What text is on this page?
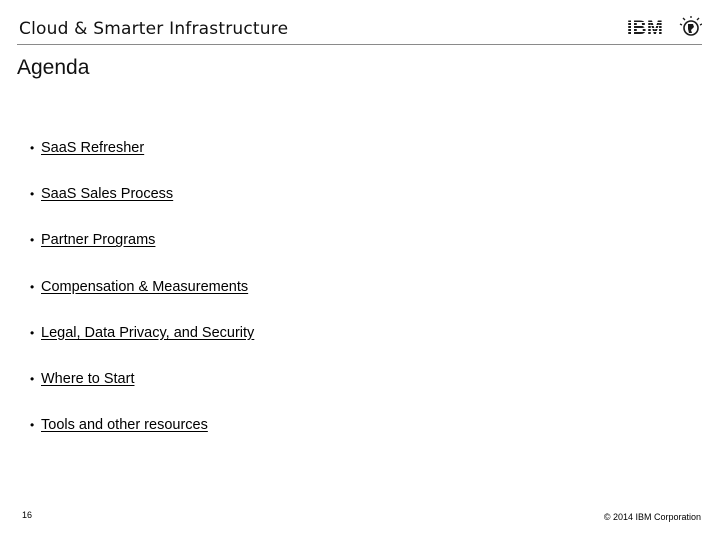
Cloud & Smarter Infrastructure
Agenda
• SaaS Refresher
• SaaS Sales Process
• Partner Programs
• Compensation & Measurements
• Legal, Data Privacy, and Security
• Where to Start
• Tools and other resources
16	© 2014 IBM Corporation
